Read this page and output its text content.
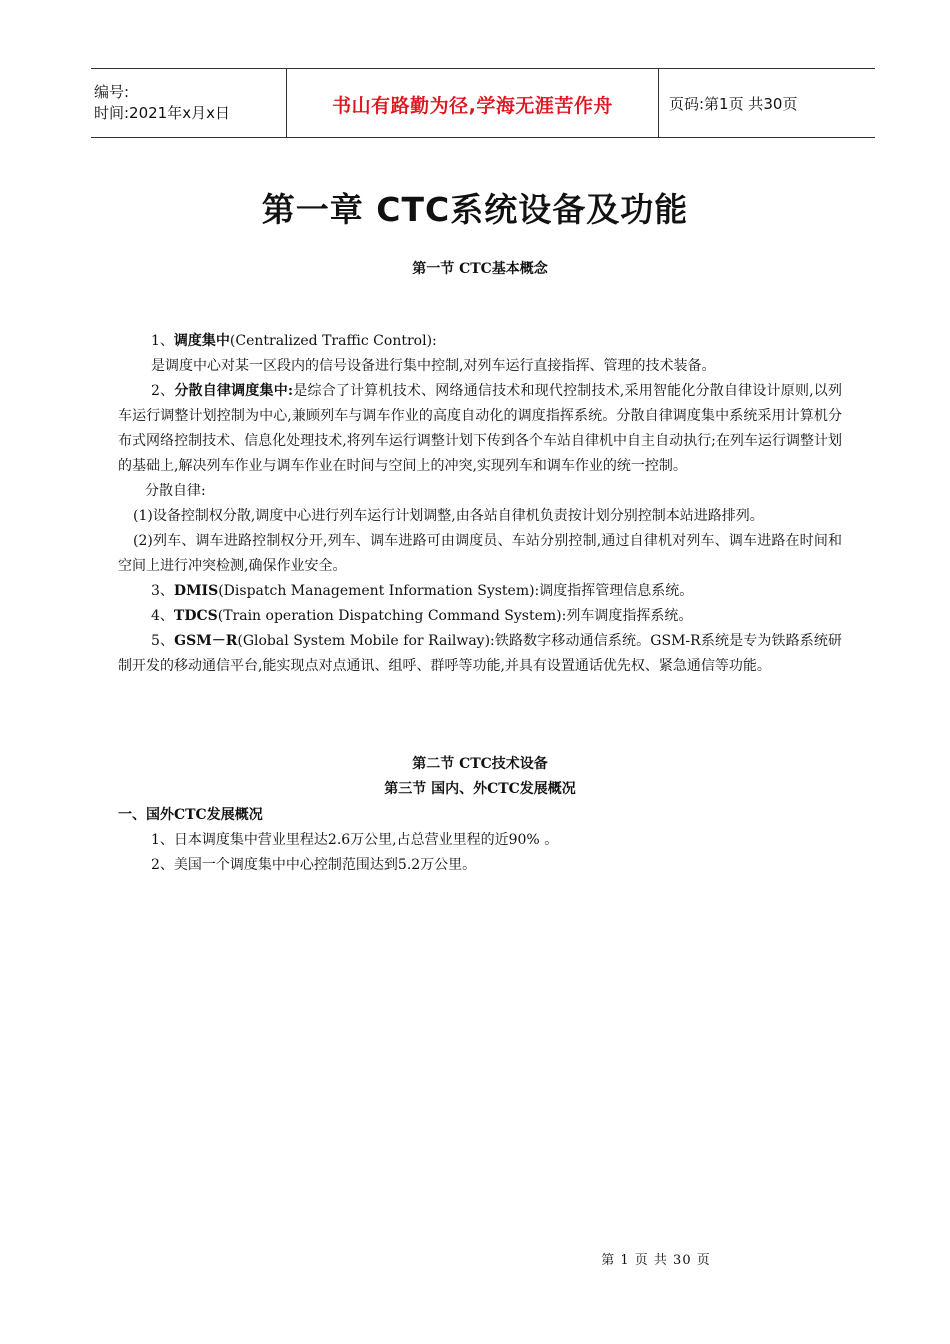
编号:
时间:2021年x月x日	书山有路勤为径,学海无涯苦作舟	页码:第1页 共30页
第一章 CTC系统设备及功能
第一节 CTC基本概念

1、调度集中(Centralized Traffic Control):

是调度中心对某一区段内的信号设备进行集中控制,对列车运行直接指挥、管理的技术装备。

2、分散自律调度集中:是综合了计算机技术、网络通信技术和现代控制技术,采用智能化分散自律设计原则,以列车运行调整计划控制为中心,兼顾列车与调车作业的高度自动化的调度指挥系统。分散自律调度集中系统采用计算机分布式网络控制技术、信息化处理技术,将列车运行调整计划下传到各个车站自律机中自主自动执行;在列车运行调整计划的基础上,解决列车作业与调车作业在时间与空间上的冲突,实现列车和调车作业的统一控制。

分散自律:

(1)设备控制权分散,调度中心进行列车运行计划调整,由各站自律机负责按计划分别控制本站进路排列。

(2)列车、调车进路控制权分开,列车、调车进路可由调度员、车站分别控制,通过自律机对列车、调车进路在时间和空间上进行冲突检测,确保作业安全。

3、DMIS(Dispatch Management Information System):调度指挥管理信息系统。

4、TDCS(Train operation Dispatching Command System):列车调度指挥系统。

5、GSM－R(Global System Mobile for Railway):铁路数字移动通信系统。GSM-R系统是专为铁路系统研制开发的移动通信平台,能实现点对点通讯、组呼、群呼等功能,并具有设置通话优先权、紧急通信等功能。

第二节 CTC技术设备
第三节 国内、外CTC发展概况

一、国外CTC发展概况

1、日本调度集中营业里程达2.6万公里,占总营业里程的近90% 。

2、美国一个调度集中中心控制范围达到5.2万公里。

第 1 页 共 30 页
